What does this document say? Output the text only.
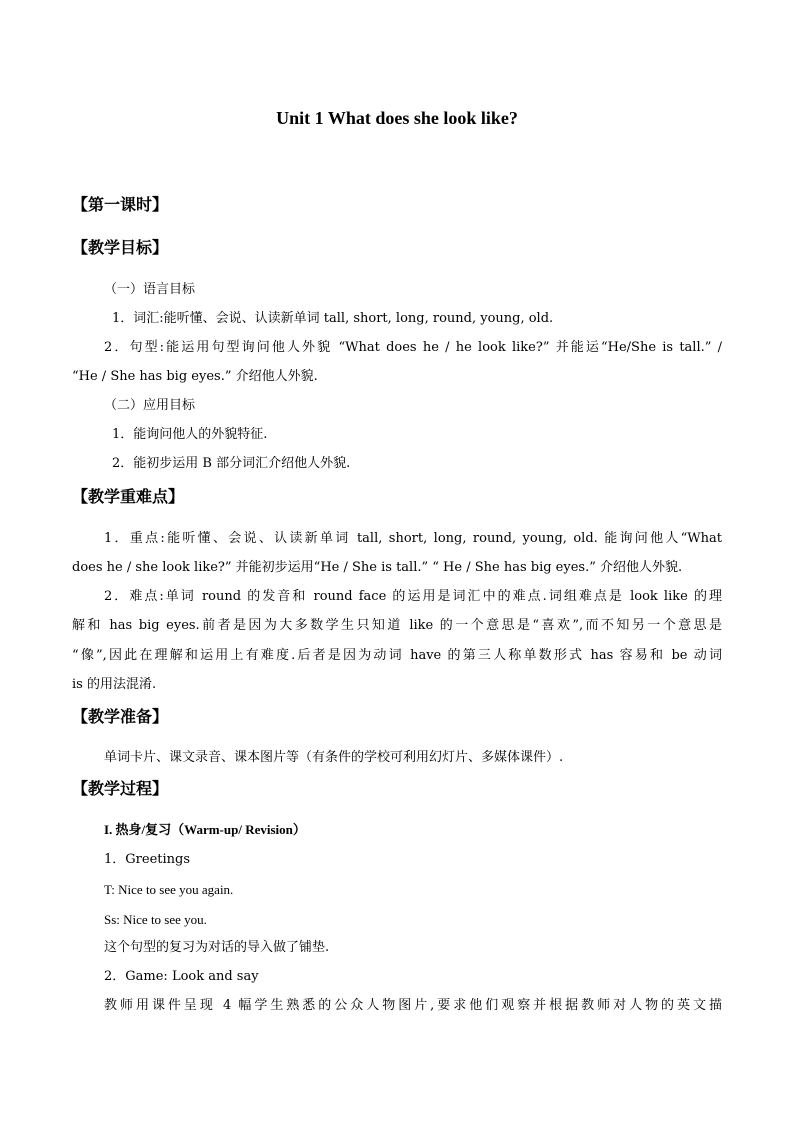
Unit 1 What does she look like?
【第一课时】
【教学目标】
（一）语言目标
1．词汇:能听懂、会说、认读新单词 tall, short, long, round, young, old.
2．句型:能运用句型询问他人外貌 “What does he / he look like?” 并能运“He/She is tall.” /
“He / She has big eyes.” 介绍他人外貌.
（二）应用目标
1．能询问他人的外貌特征.
2．能初步运用 B 部分词汇介绍他人外貌.
【教学重难点】
1．重点:能听懂、会说、认读新单词 tall, short, long, round, young, old. 能询问他人“What
does he / she look like?” 并能初步运用“He / She is tall.” “ He / She has big eyes.” 介绍他人外貌.
2．难点:单词 round 的发音和 round face 的运用是词汇中的难点.词组难点是 look like 的理
解和 has big eyes.前者是因为大多数学生只知道 like 的一个意思是“喜欢”,而不知另一个意思是
“像”,因此在理解和运用上有难度.后者是因为动词 have 的第三人称单数形式 has 容易和 be 动词
is 的用法混淆.
【教学准备】
单词卡片、课文录音、课本图片等（有条件的学校可利用幻灯片、多媒体课件）.
【教学过程】
I. 热身/复习（Warm-up/ Revision）
1．Greetings
T: Nice to see you again.
Ss: Nice to see you.
这个句型的复习为对话的导入做了铺垫.
2．Game: Look and say
教师用课件呈现 4 幅学生熟悉的公众人物图片,要求他们观察并根据教师对人物的英文描
